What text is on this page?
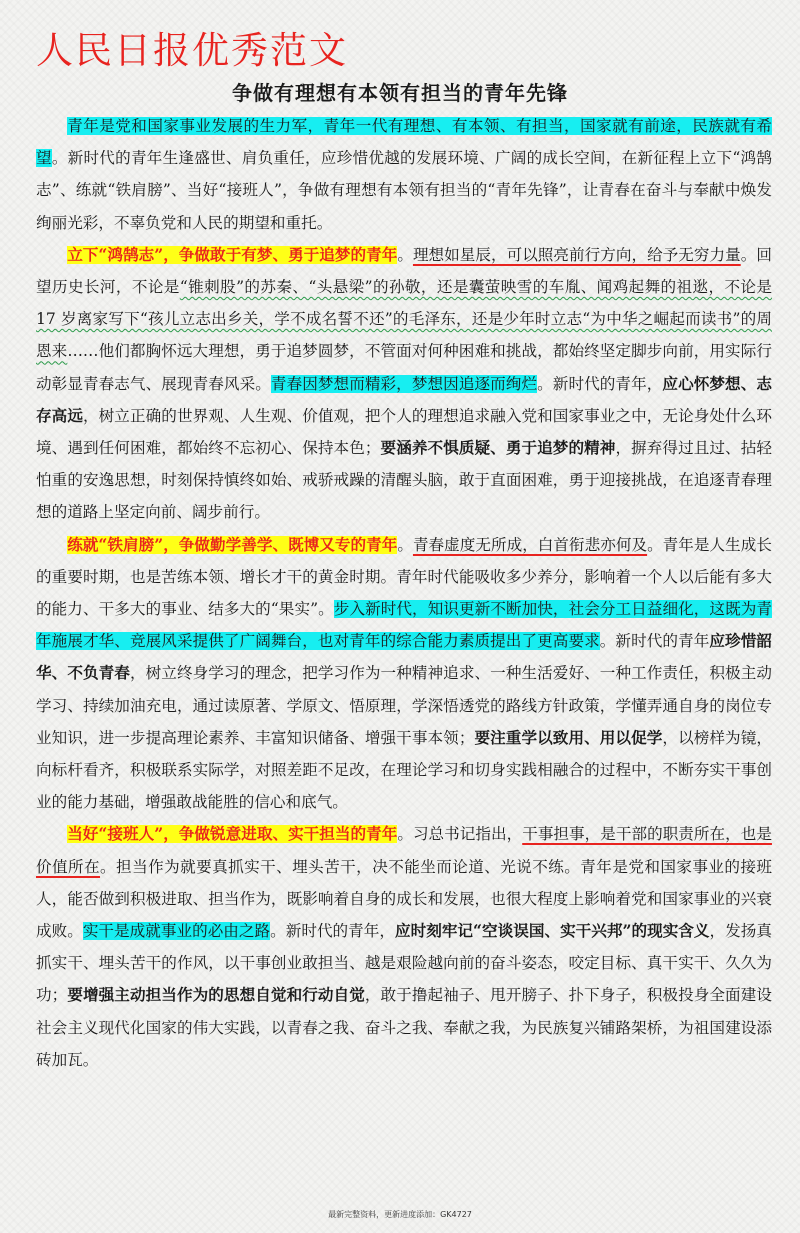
人民日报优秀范文
争做有理想有本领有担当的青年先锋

青年是党和国家事业发展的生力军，青年一代有理想、有本领、有担当，国家就有前途，民族就有希望。新时代的青年生逢盛世、肩负重任，应珍惜优越的发展环境、广阔的成长空间，在新征程上立下“鸿鹄志”、练就“铁肩膀”、当好“接班人”，争做有理想有本领有担当的“青年先锋”，让青春在奋斗与奉献中焕发绚丽光彩，不辜负党和人民的期望和重托。

立下“鸿鹄志”，争做敢于有梦、勇于追梦的青年。理想如星辰，可以照亮前行方向，给予无穷力量。回望历史长河，不论是“锥刺股”的苏秦、“头悬梁”的孙敬，还是囊萤映雪的车胤、闻鸡起舞的祖逖，不论是 17 岁离家写下“孩儿立志出乡关，学不成名誓不还”的毛泽东，还是少年时立志“为中华之崛起而读书”的周恩来……他们都胸怀远大理想，勇于追梦圆梦，不管面对何种困难和挑战，都始终坚定脚步向前，用实际行动彰显青春志气、展现青春风采。青春因梦想而精彩，梦想因追逐而绚烂。新时代的青年，应心怀梦想、志存高远，树立正确的世界观、人生观、价值观，把个人的理想追求融入党和国家事业之中，无论身处什么环境、遇到任何困难，都始终不忘初心、保持本色；要涵养不惧质疑、勇于追梦的精神，摒弃得过且过、拈轻怕重的安逸思想，时刻保持慎终如始、戒骄戒躁的清醒头脑，敢于直面困难，勇于迎接挑战，在追逐青春理想的道路上坚定向前、阔步前行。

练就“铁肩膀”，争做勤学善学、既博又专的青年。青春虚度无所成，白首衔悲亦何及。青年是人生成长的重要时期，也是苦练本领、增长才干的黄金时期。青年时代能吸收多少养分，影响着一个人以后能有多大的能力、干多大的事业、结多大的“果实”。步入新时代，知识更新不断加快，社会分工日益细化，这既为青年施展才华、竞展风采提供了广阔舞台，也对青年的综合能力素质提出了更高要求。新时代的青年应珍惜韶华、不负青春，树立终身学习的理念，把学习作为一种精神追求、一种生活爱好、一种工作责任，积极主动学习、持续加油充电，通过读原著、学原文、悟原理，学深悟透党的路线方针政策，学懂弄通自身的岗位专业知识，进一步提高理论素养、丰富知识储备、增强干事本领；要注重学以致用、用以促学，以榜样为镜，向标杆看齐，积极联系实际学，对照差距不足改，在理论学习和切身实践相融合的过程中，不断夯实干事创业的能力基础，增强敢战能胜的信心和底气。

当好“接班人”，争做锐意进取、实干担当的青年。习总书记指出，干事担事，是干部的职责所在，也是价值所在。担当作为就要真抓实干、埋头苦干，决不能坐而论道、光说不练。青年是党和国家事业的接班人，能否做到积极进取、担当作为，既影响着自身的成长和发展，也很大程度上影响着党和国家事业的兴衰成败。实干是成就事业的必由之路。新时代的青年，应时刻牢记“空谈误国、实干兴邦”的现实含义，发扬真抓实干、埋头苦干的作风，以干事创业敢担当、越是艰险越向前的奋斗姿态，咬定目标、真干实干、久久为功；要增强主动担当作为的思想自觉和行动自觉，敢于撸起袖子、甩开膀子、扑下身子，积极投身全面建设社会主义现代化国家的伟大实践，以青春之我、奋斗之我、奉献之我，为民族复兴铺路架桥，为祖国建设添砖加瓦。

最新完整资料，更新进度添加：GK4727
